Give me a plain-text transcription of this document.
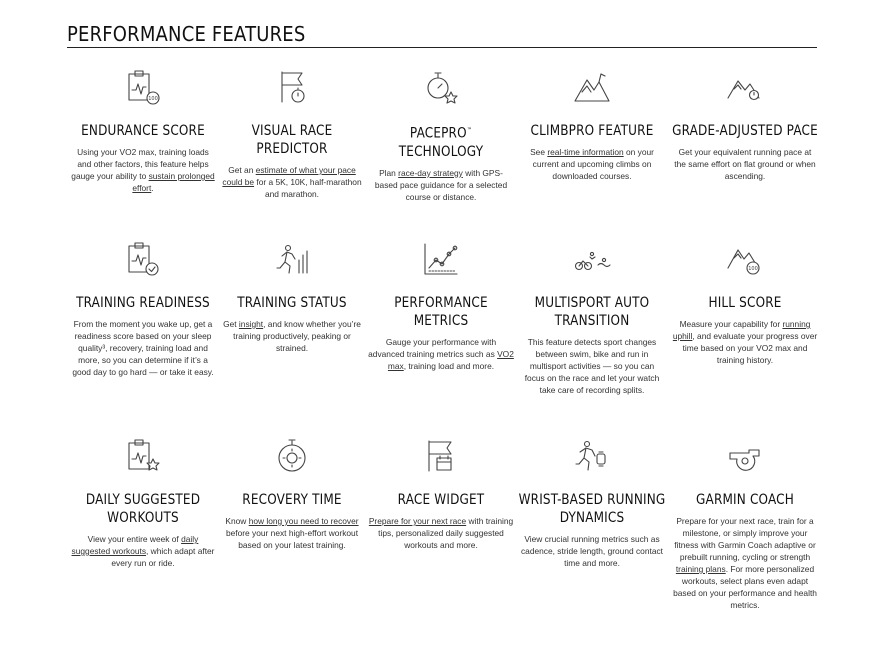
PERFORMANCE FEATURES
100
ENDURANCE SCORE
Using your VO2 max, training loads and other factors, this feature helps gauge your ability to sustain prolonged effort.
VISUAL RACE
PREDICTOR
Get an estimate of what your pace could be for a 5K, 10K, half-marathon and marathon.
PACEPRO™
TECHNOLOGY
Plan race-day strategy with GPS-based pace guidance for a selected course or distance.
CLIMBPRO FEATURE
See real-time information on your current and upcoming climbs on downloaded courses.
GRADE-ADJUSTED PACE
Get your equivalent running pace at the same effort on flat ground or when ascending.
TRAINING READINESS
From the moment you wake up, get a readiness score based on your sleep quality³, recovery, training load and more, so you can determine if it’s a good day to go hard — or take it easy.
TRAINING STATUS
Get insight, and know whether you’re training productively, peaking or strained.
PERFORMANCE
METRICS
Gauge your performance with advanced training metrics such as VO2 max, training load and more.
MULTISPORT AUTO
TRANSITION
This feature detects sport changes between swim, bike and run in multisport activities — so you can focus on the race and let your watch take care of recording splits.
100
HILL SCORE
Measure your capability for running uphill, and evaluate your progress over time based on your VO2 max and training history.
DAILY SUGGESTED
WORKOUTS
View your entire week of daily suggested workouts, which adapt after every run or ride.
RECOVERY TIME
Know how long you need to recover before your next high-effort workout based on your latest training.
RACE WIDGET
Prepare for your next race with training tips, personalized daily suggested workouts and more.
WRIST-BASED RUNNING
DYNAMICS
View crucial running metrics such as cadence, stride length, ground contact time and more.
GARMIN COACH
Prepare for your next race, train for a milestone, or simply improve your fitness with Garmin Coach adaptive or prebuilt running, cycling or strength training plans. For more personalized workouts, select plans even adapt based on your performance and health metrics.
